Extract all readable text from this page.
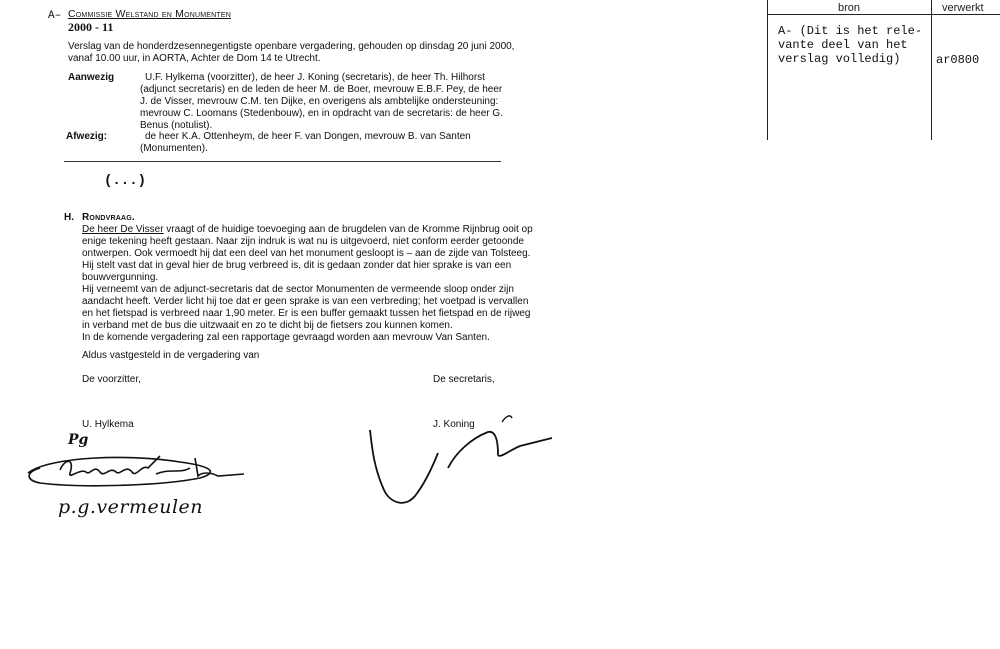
A– Commissie Welstand en Monumenten
2000 - 11
Verslag van de honderdzesennegentigste openbare vergadering, gehouden op dinsdag 20 juni 2000,
vanaf 10.00 uur, in AORTA, Achter de Dom 14 te Utrecht.
Aanwezig	U.F. Hylkema (voorzitter), de heer J. Koning (secretaris), de heer Th. Hilhorst
(adjunct secretaris) en de leden de heer M. de Boer, mevrouw E.B.F. Pey, de heer
J. de Visser, mevrouw C.M. ten Dijke, en overigens als ambtelijke ondersteuning:
mevrouw C. Loomans (Stedenbouw), en in opdracht van de secretaris: de heer G.
Benus (notulist).
Afwezig:	de heer K.A. Ottenheym, de heer F. van Dongen, mevrouw B. van Santen
(Monumenten).
(...)
H. Rondvraag.
De heer De Visser vraagt of de huidige toevoeging aan de brugdelen van de Kromme Rijnbrug ooit op
enige tekening heeft gestaan. Naar zijn indruk is wat nu is uitgevoerd, niet conform eerder getoonde
ontwerpen. Ook vermoedt hij dat een deel van het monument gesloopt is – aan de zijde van Tolsteeg.
Hij stelt vast dat in geval hier de brug verbreed is, dit is gedaan zonder dat hier sprake is van een
bouwvergunning.
Hij verneemt van de adjunct-secretaris dat de sector Monumenten de vermeende sloop onder zijn
aandacht heeft. Verder licht hij toe dat er geen sprake is van een verbreding; het voetpad is vervallen
en het fietspad is verbreed naar 1,90 meter. Er is een buffer gemaakt tussen het fietspad en de rijweg
in verband met de bus die uitzwaait en zo te dicht bij de fietsers zou kunnen komen.
In de komende vergadering zal een rapportage gevraagd worden aan mevrouw Van Santen.
Aldus vastgesteld in de vergadering van
De voorzitter,	De secretaris,
U. Hylkema	J. Koning
Pg
p.g.vermeulen
bron	verwerkt
A- (Dit is het rele-
vante deel van het
verslag volledig)	ar0800
